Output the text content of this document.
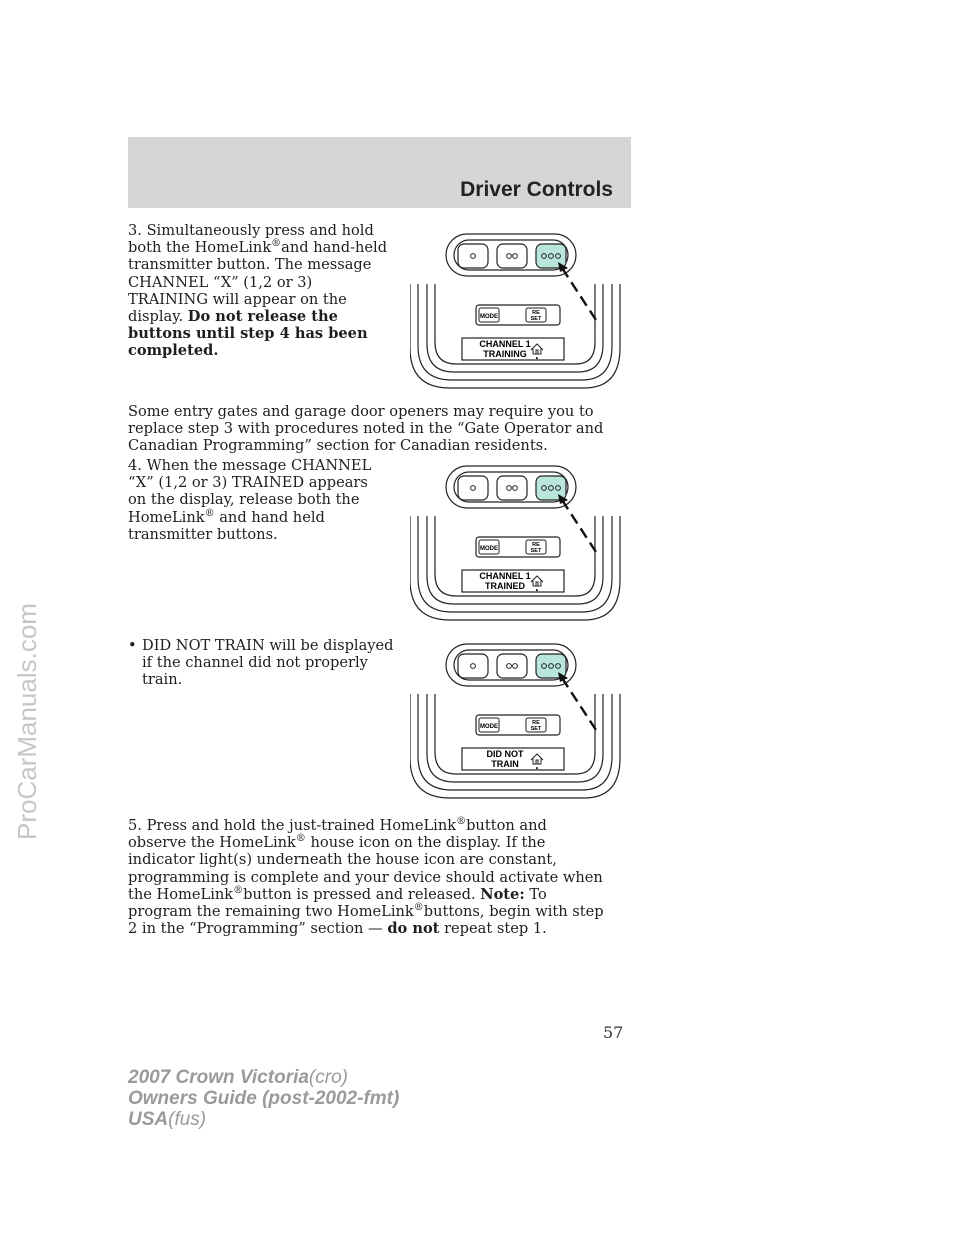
Driver Controls

3. Simultaneously press and hold both the HomeLink®and hand-held transmitter button. The message CHANNEL “X” (1,2 or 3) TRAINING will appear on the display. Do not release the buttons until step 4 has been completed.

Some entry gates and garage door openers may require you to replace step 3 with procedures noted in the “Gate Operator and Canadian Programming” section for Canadian residents.

4. When the message CHANNEL “X” (1,2 or 3) TRAINED appears on the display, release both the HomeLink® and hand held transmitter buttons.

• DID NOT TRAIN will be displayed if the channel did not properly train.

5. Press and hold the just-trained HomeLink®button and observe the HomeLink® house icon on the display. If the indicator light(s) underneath the house icon are constant, programming is complete and your device should activate when the HomeLink®button is pressed and released. Note: To program the remaining two HomeLink®buttons, begin with step 2 in the “Programming” section — do not repeat step 1.

MODE
RE
SET
CHANNEL 1
TRAINING •
MODE
RE
SET
CHANNEL 1
TRAINED •
MODE
RE
SET
DID NOT
TRAIN •
57
2007 Crown Victoria(cro)
Owners Guide (post-2002-fmt)
USA(fus)
ProCarManuals.com
